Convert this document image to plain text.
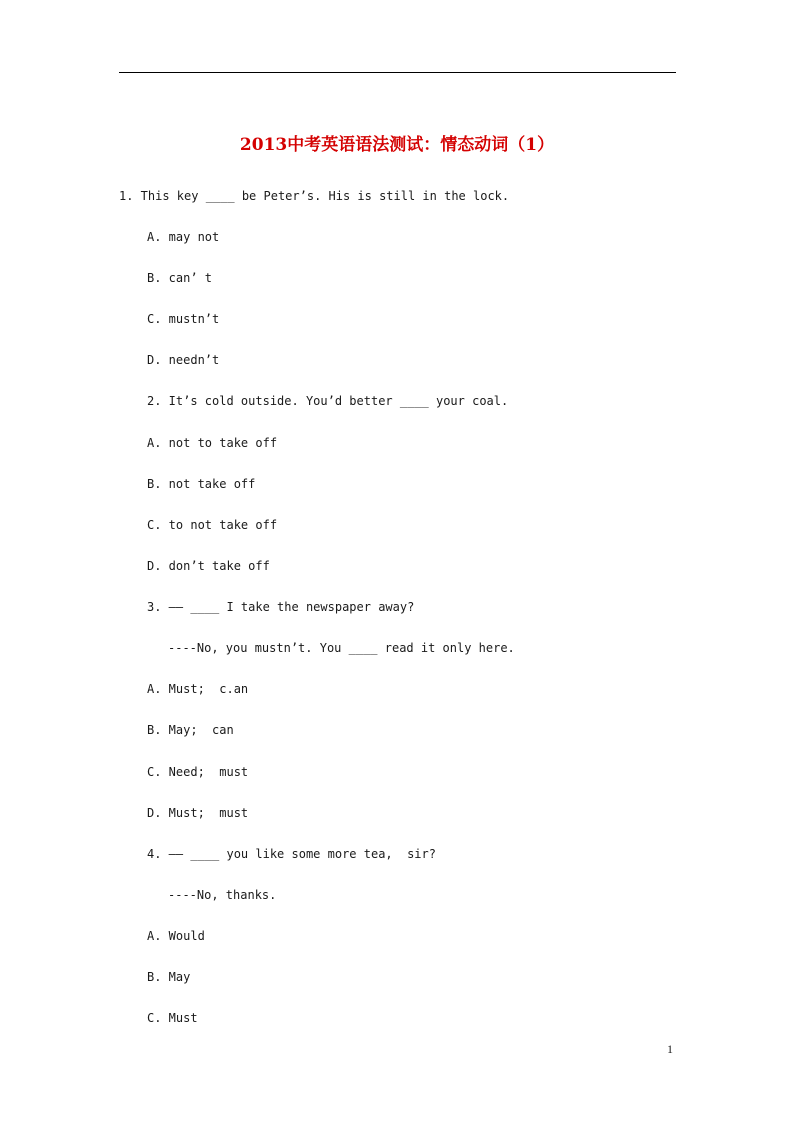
2013中考英语语法测试：情态动词（1）
1. This key ____ be Peter’s. His is still in the lock.
A. may not
B. can’ t
C. mustn’t
D. needn’t
2. It’s cold outside. You’d better ____ your coal.
A. not to take off
B. not take off
C. to not take off
D. don’t take off
3. —— ____ I take the newspaper away?
----No, you mustn’t. You ____ read it only here.
A. Must;  c.an
B. May;  can
C. Need;  must
D. Must;  must
4. —— ____ you like some more tea,  sir?
----No, thanks.
A. Would
B. May
C. Must
1
